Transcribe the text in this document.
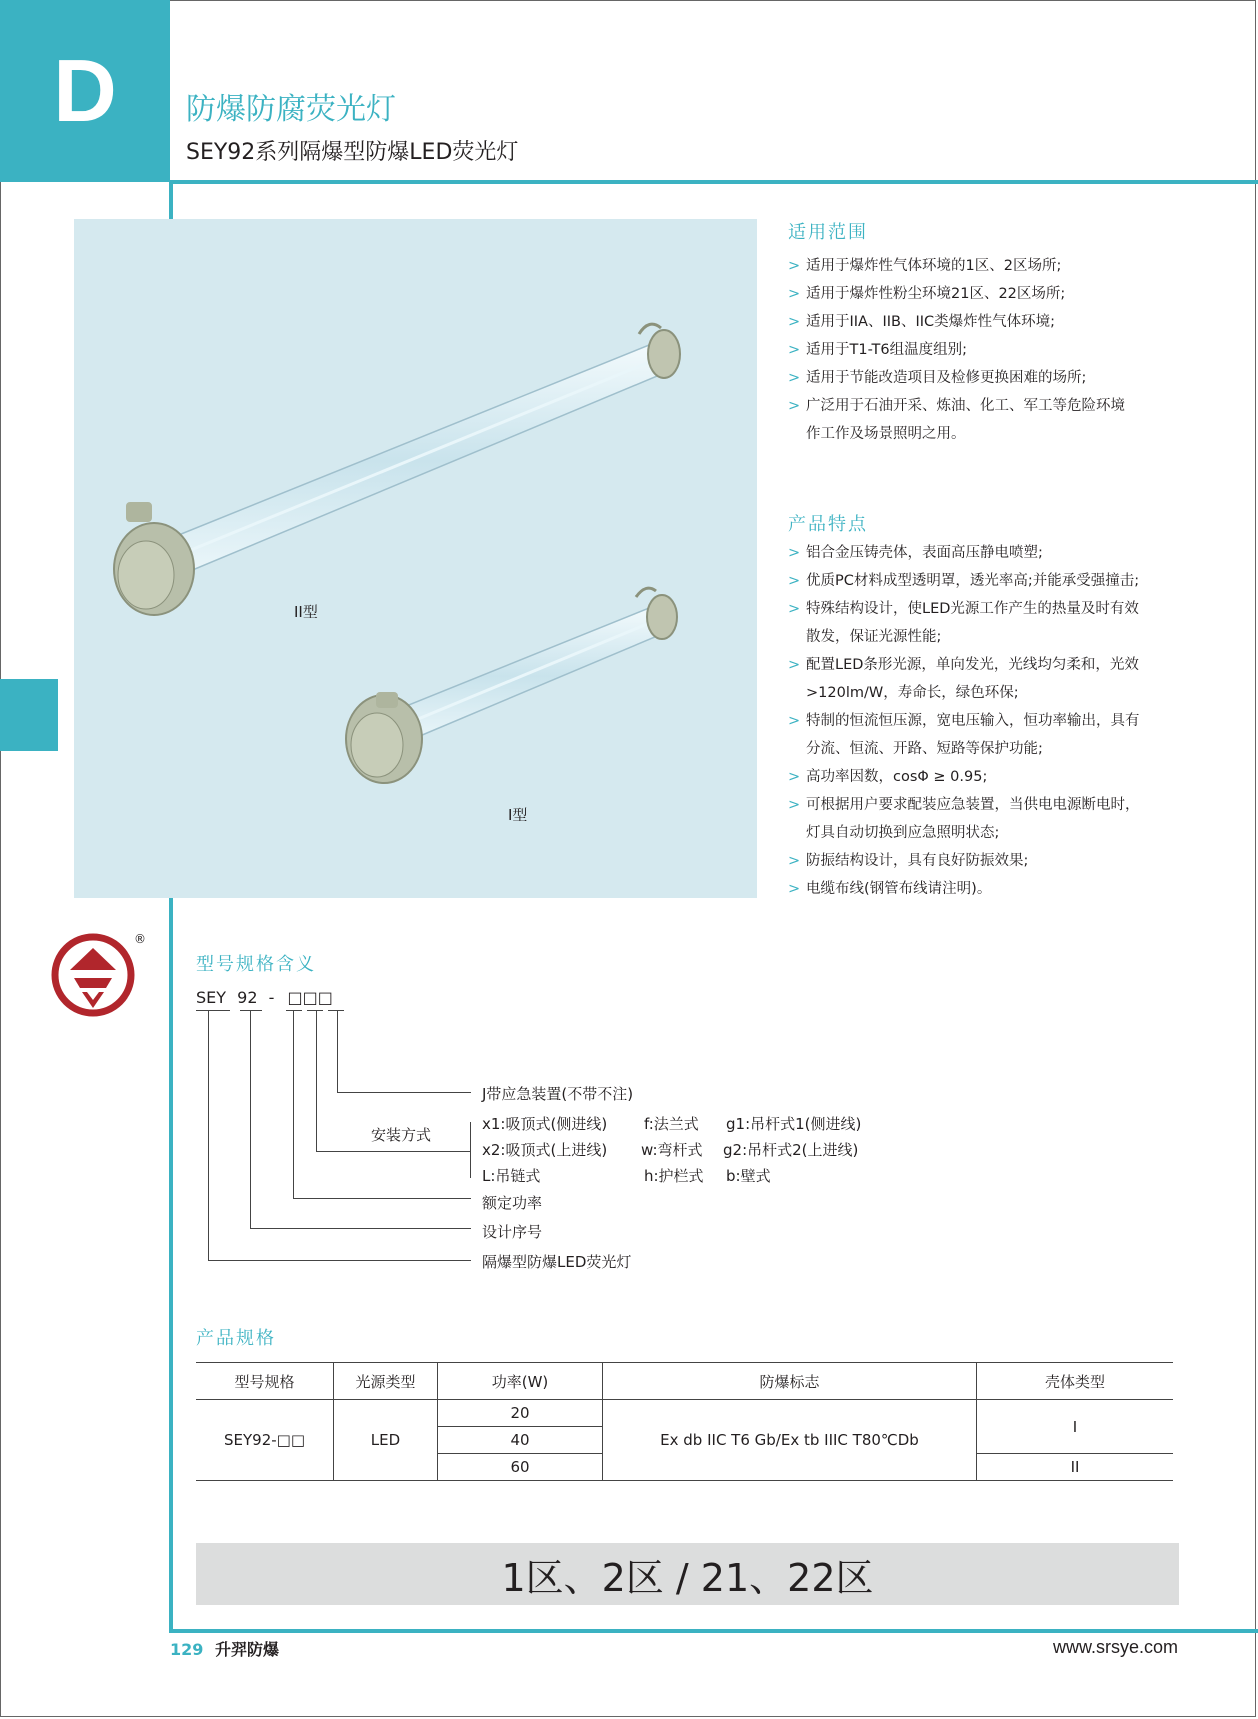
D 防爆防腐荧光灯
SEY92系列隔爆型防爆LED荧光灯
II型
I型
适用范围
> 适用于爆炸性气体环境的1区、2区场所;
> 适用于爆炸性粉尘环境21区、22区场所;
> 适用于IIA、IIB、IIC类爆炸性气体环境;
> 适用于T1-T6组温度组别;
> 适用于节能改造项目及检修更换困难的场所;
> 广泛用于石油开采、炼油、化工、军工等危险环境
作工作及场景照明之用。
产品特点
> 铝合金压铸壳体，表面高压静电喷塑;
> 优质PC材料成型透明罩，透光率高;并能承受强撞击;
> 特殊结构设计，使LED光源工作产生的热量及时有效
散发，保证光源性能;
> 配置LED条形光源，单向发光，光线均匀柔和，光效
>120lm/W，寿命长，绿色环保;
> 特制的恒流恒压源，宽电压输入，恒功率输出，具有
分流、恒流、开路、短路等保护功能;
> 高功率因数，cosΦ ≥ 0.95;
> 可根据用户要求配装应急装置，当供电电源断电时，
灯具自动切换到应急照明状态;
> 防振结构设计，具有良好防振效果;
> 电缆布线(钢管布线请注明)。
®
型号规格含义
SEY 92 - □□□
J带应急装置(不带不注)
安装方式
x1:吸顶式(侧进线) f:法兰式 g1:吊杆式1(侧进线)
x2:吸顶式(上进线) w:弯杆式 g2:吊杆式2(上进线)
L:吊链式	h:护栏式 b:壁式
额定功率
设计序号
隔爆型防爆LED荧光灯
产品规格
型号规格	光源类型	功率(W)	防爆标志	壳体类型
SEY92-□□	LED	20	Ex db IIC T6 Gb/Ex tb IIIC T80℃Db	I
		40		
		60		II
1区、2区 / 21、22区
129 升羿防爆	www.srsye.com
